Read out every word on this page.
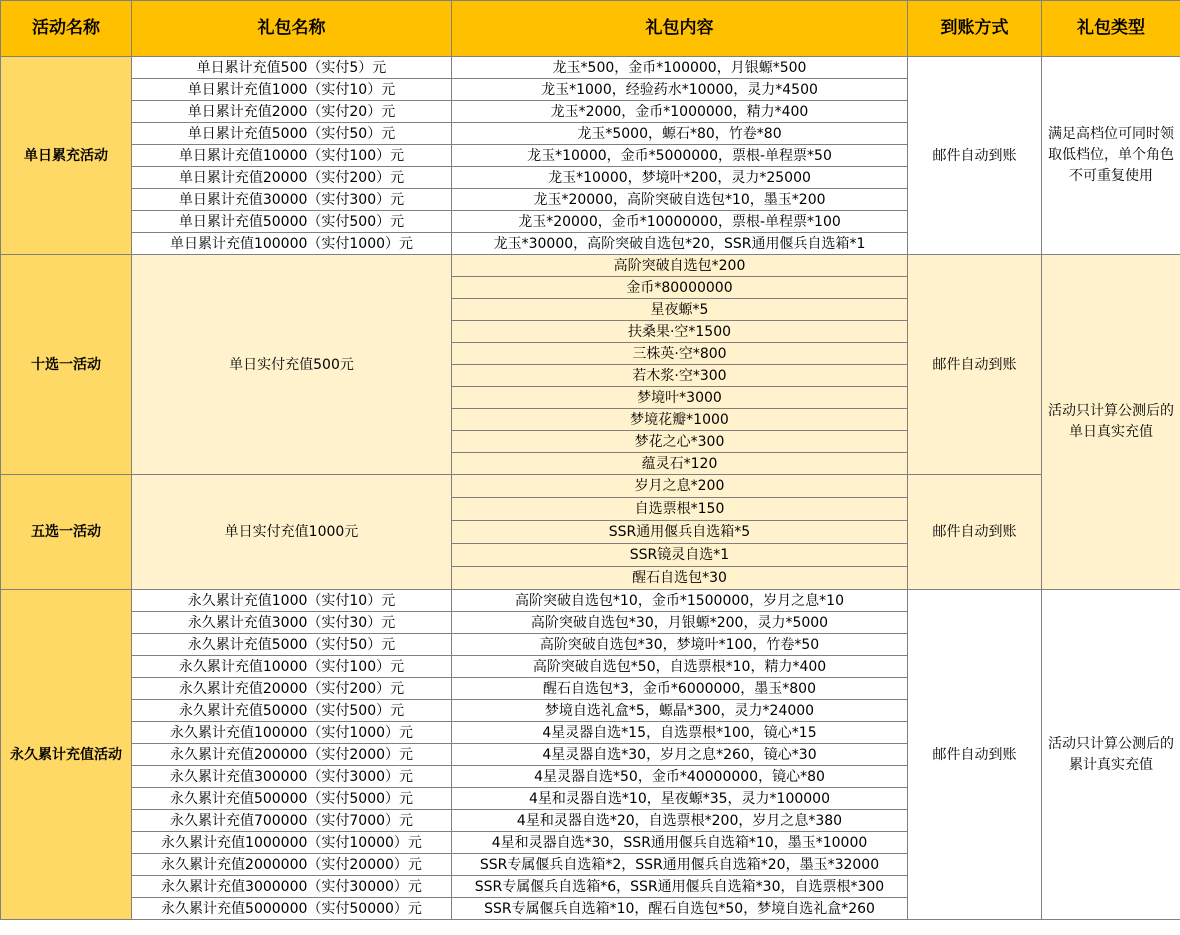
活动名称	礼包名称	礼包内容	到账方式	礼包类型
单日累充活动	单日累计充值500（实付5）元	龙玉*500，金币*100000，月银螈*500	邮件自动到账	满足高档位可同时领取低档位，单个角色不可重复使用
	单日累计充值1000（实付10）元	龙玉*1000，经验药水*10000，灵力*4500		
	单日累计充值2000（实付20）元	龙玉*2000，金币*1000000，精力*400		
	单日累计充值5000（实付50）元	龙玉*5000，螈石*80，竹卷*80		
	单日累计充值10000（实付100）元	龙玉*10000，金币*5000000，票根-单程票*50		
	单日累计充值20000（实付200）元	龙玉*10000，梦境叶*200，灵力*25000		
	单日累计充值30000（实付300）元	龙玉*20000，高阶突破自选包*10，墨玉*200		
	单日累计充值50000（实付500）元	龙玉*20000，金币*10000000，票根-单程票*100		
	单日累计充值100000（实付1000）元	龙玉*30000，高阶突破自选包*20，SSR通用偃兵自选箱*1		
十选一活动	单日实付充值500元	高阶突破自选包*200	邮件自动到账	活动只计算公测后的单日真实充值
		金币*80000000		
		星夜螈*5		
		扶桑果·空*1500		
		三株英·空*800		
		若木浆·空*300		
		梦境叶*3000		
		梦境花瓣*1000		
		梦花之心*300		
		蕴灵石*120		
五选一活动	单日实付充值1000元	岁月之息*200	邮件自动到账	
		自选票根*150		
		SSR通用偃兵自选箱*5		
		SSR镜灵自选*1		
		醒石自选包*30		
永久累计充值活动	永久累计充值1000（实付10）元	高阶突破自选包*10，金币*1500000，岁月之息*10	邮件自动到账	活动只计算公测后的累计真实充值
	永久累计充值3000（实付30）元	高阶突破自选包*30，月银螈*200，灵力*5000		
	永久累计充值5000（实付50）元	高阶突破自选包*30，梦境叶*100，竹卷*50		
	永久累计充值10000（实付100）元	高阶突破自选包*50，自选票根*10，精力*400		
	永久累计充值20000（实付200）元	醒石自选包*3，金币*6000000，墨玉*800		
	永久累计充值50000（实付500）元	梦境自选礼盒*5，螈晶*300，灵力*24000		
	永久累计充值100000（实付1000）元	4星灵器自选*15，自选票根*100，镜心*15		
	永久累计充值200000（实付2000）元	4星灵器自选*30，岁月之息*260，镜心*30		
	永久累计充值300000（实付3000）元	4星灵器自选*50，金币*40000000，镜心*80		
	永久累计充值500000（实付5000）元	4星和灵器自选*10，星夜螈*35，灵力*100000		
	永久累计充值700000（实付7000）元	4星和灵器自选*20，自选票根*200，岁月之息*380		
	永久累计充值1000000（实付10000）元	4星和灵器自选*30，SSR通用偃兵自选箱*10，墨玉*10000		
	永久累计充值2000000（实付20000）元	SSR专属偃兵自选箱*2，SSR通用偃兵自选箱*20，墨玉*32000		
	永久累计充值3000000（实付30000）元	SSR专属偃兵自选箱*6，SSR通用偃兵自选箱*30，自选票根*300		
	永久累计充值5000000（实付50000）元	SSR专属偃兵自选箱*10，醒石自选包*50，梦境自选礼盒*260		
